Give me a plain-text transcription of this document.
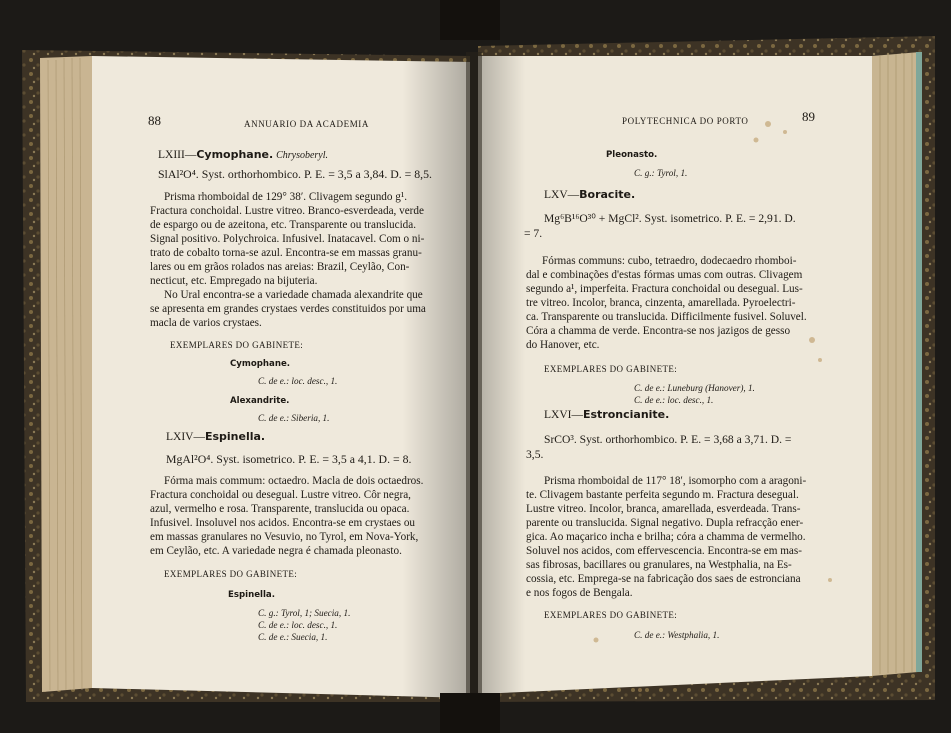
88	ANNUARIO DA ACADEMIA
LXIII—Cymophane. Chrysoberyl.
SlAl²O⁴. Syst. orthorhombico. P. E. = 3,5 a 3,84. D. = 8,5.
Prisma rhomboidal de 129° 38′. Clivagem segundo g¹.
Fractura conchoidal. Lustre vitreo. Branco-esverdeada, verde
de espargo ou de azeitona, etc. Transparente ou translucida.
Signal positivo. Polychroica. Infusivel. Inatacavel. Com o ni-
trato de cobalto torna-se azul. Encontra-se em massas granu-
lares ou em grãos rolados nas areias: Brazil, Ceylão, Con-
necticut, etc. Empregado na bijuteria.
No Ural encontra-se a variedade chamada alexandrite que
se apresenta em grandes crystaes verdes constituidos por uma
macla de varios crystaes.
EXEMPLARES DO GABINETE:
Cymophane.
C. de e.: loc. desc., 1.
Alexandrite.
C. de e.: Siberia, 1.
LXIV—Espinella.
MgAl²O⁴. Syst. isometrico. P. E. = 3,5 a 4,1. D. = 8.
Fórma mais commum: octaedro. Macla de dois octaedros.
Fractura conchoidal ou desegual. Lustre vitreo. Côr negra,
azul, vermelho e rosa. Transparente, translucida ou opaca.
Infusivel. Insoluvel nos acidos. Encontra-se em crystaes ou
em massas granulares no Vesuvio, no Tyrol, em Nova-York,
em Ceylão, etc. A variedade negra é chamada pleonasto.
EXEMPLARES DO GABINETE:
Espinella.
C. g.: Tyrol, 1; Suecia, 1.
C. de e.: loc. desc., 1.
C. de e.: Suecia, 1.
POLYTECHNICA DO PORTO	89
Pleonasto.
C. g.: Tyrol, 1.
LXV—Boracite.
Mg⁶B¹⁶O³⁰ + MgCl². Syst. isometrico. P. E. = 2,91. D.
= 7.
Fórmas communs: cubo, tetraedro, dodecaedro rhomboi-
dal e combinações d'estas fórmas umas com outras. Clivagem
segundo a¹, imperfeita. Fractura conchoidal ou desegual. Lus-
tre vitreo. Incolor, branca, cinzenta, amarellada. Pyroelectri-
ca. Transparente ou translucida. Difficilmente fusivel. Soluvel.
Córa a chamma de verde. Encontra-se nos jazigos de gesso
do Hanover, etc.
EXEMPLARES DO GABINETE:
C. de e.: Luneburg (Hanover), 1.
C. de e.: loc. desc., 1.
LXVI—Estroncianite.
SrCO³. Syst. orthorhombico. P. E. = 3,68 a 3,71. D. =
3,5.
Prisma rhomboidal de 117° 18′, isomorpho com a aragoni-
te. Clivagem bastante perfeita segundo m. Fractura desegual.
Lustre vitreo. Incolor, branca, amarellada, esverdeada. Trans-
parente ou translucida. Signal negativo. Dupla refracção ener-
gica. Ao maçarico incha e brilha; córa a chamma de vermelho.
Soluvel nos acidos, com effervescencia. Encontra-se em mas-
sas fibrosas, bacillares ou granulares, na Westphalia, na Es-
cossia, etc. Emprega-se na fabricação dos saes de estronciana
e nos fogos de Bengala.
EXEMPLARES DO GABINETE:
C. de e.: Westphalia, 1.
